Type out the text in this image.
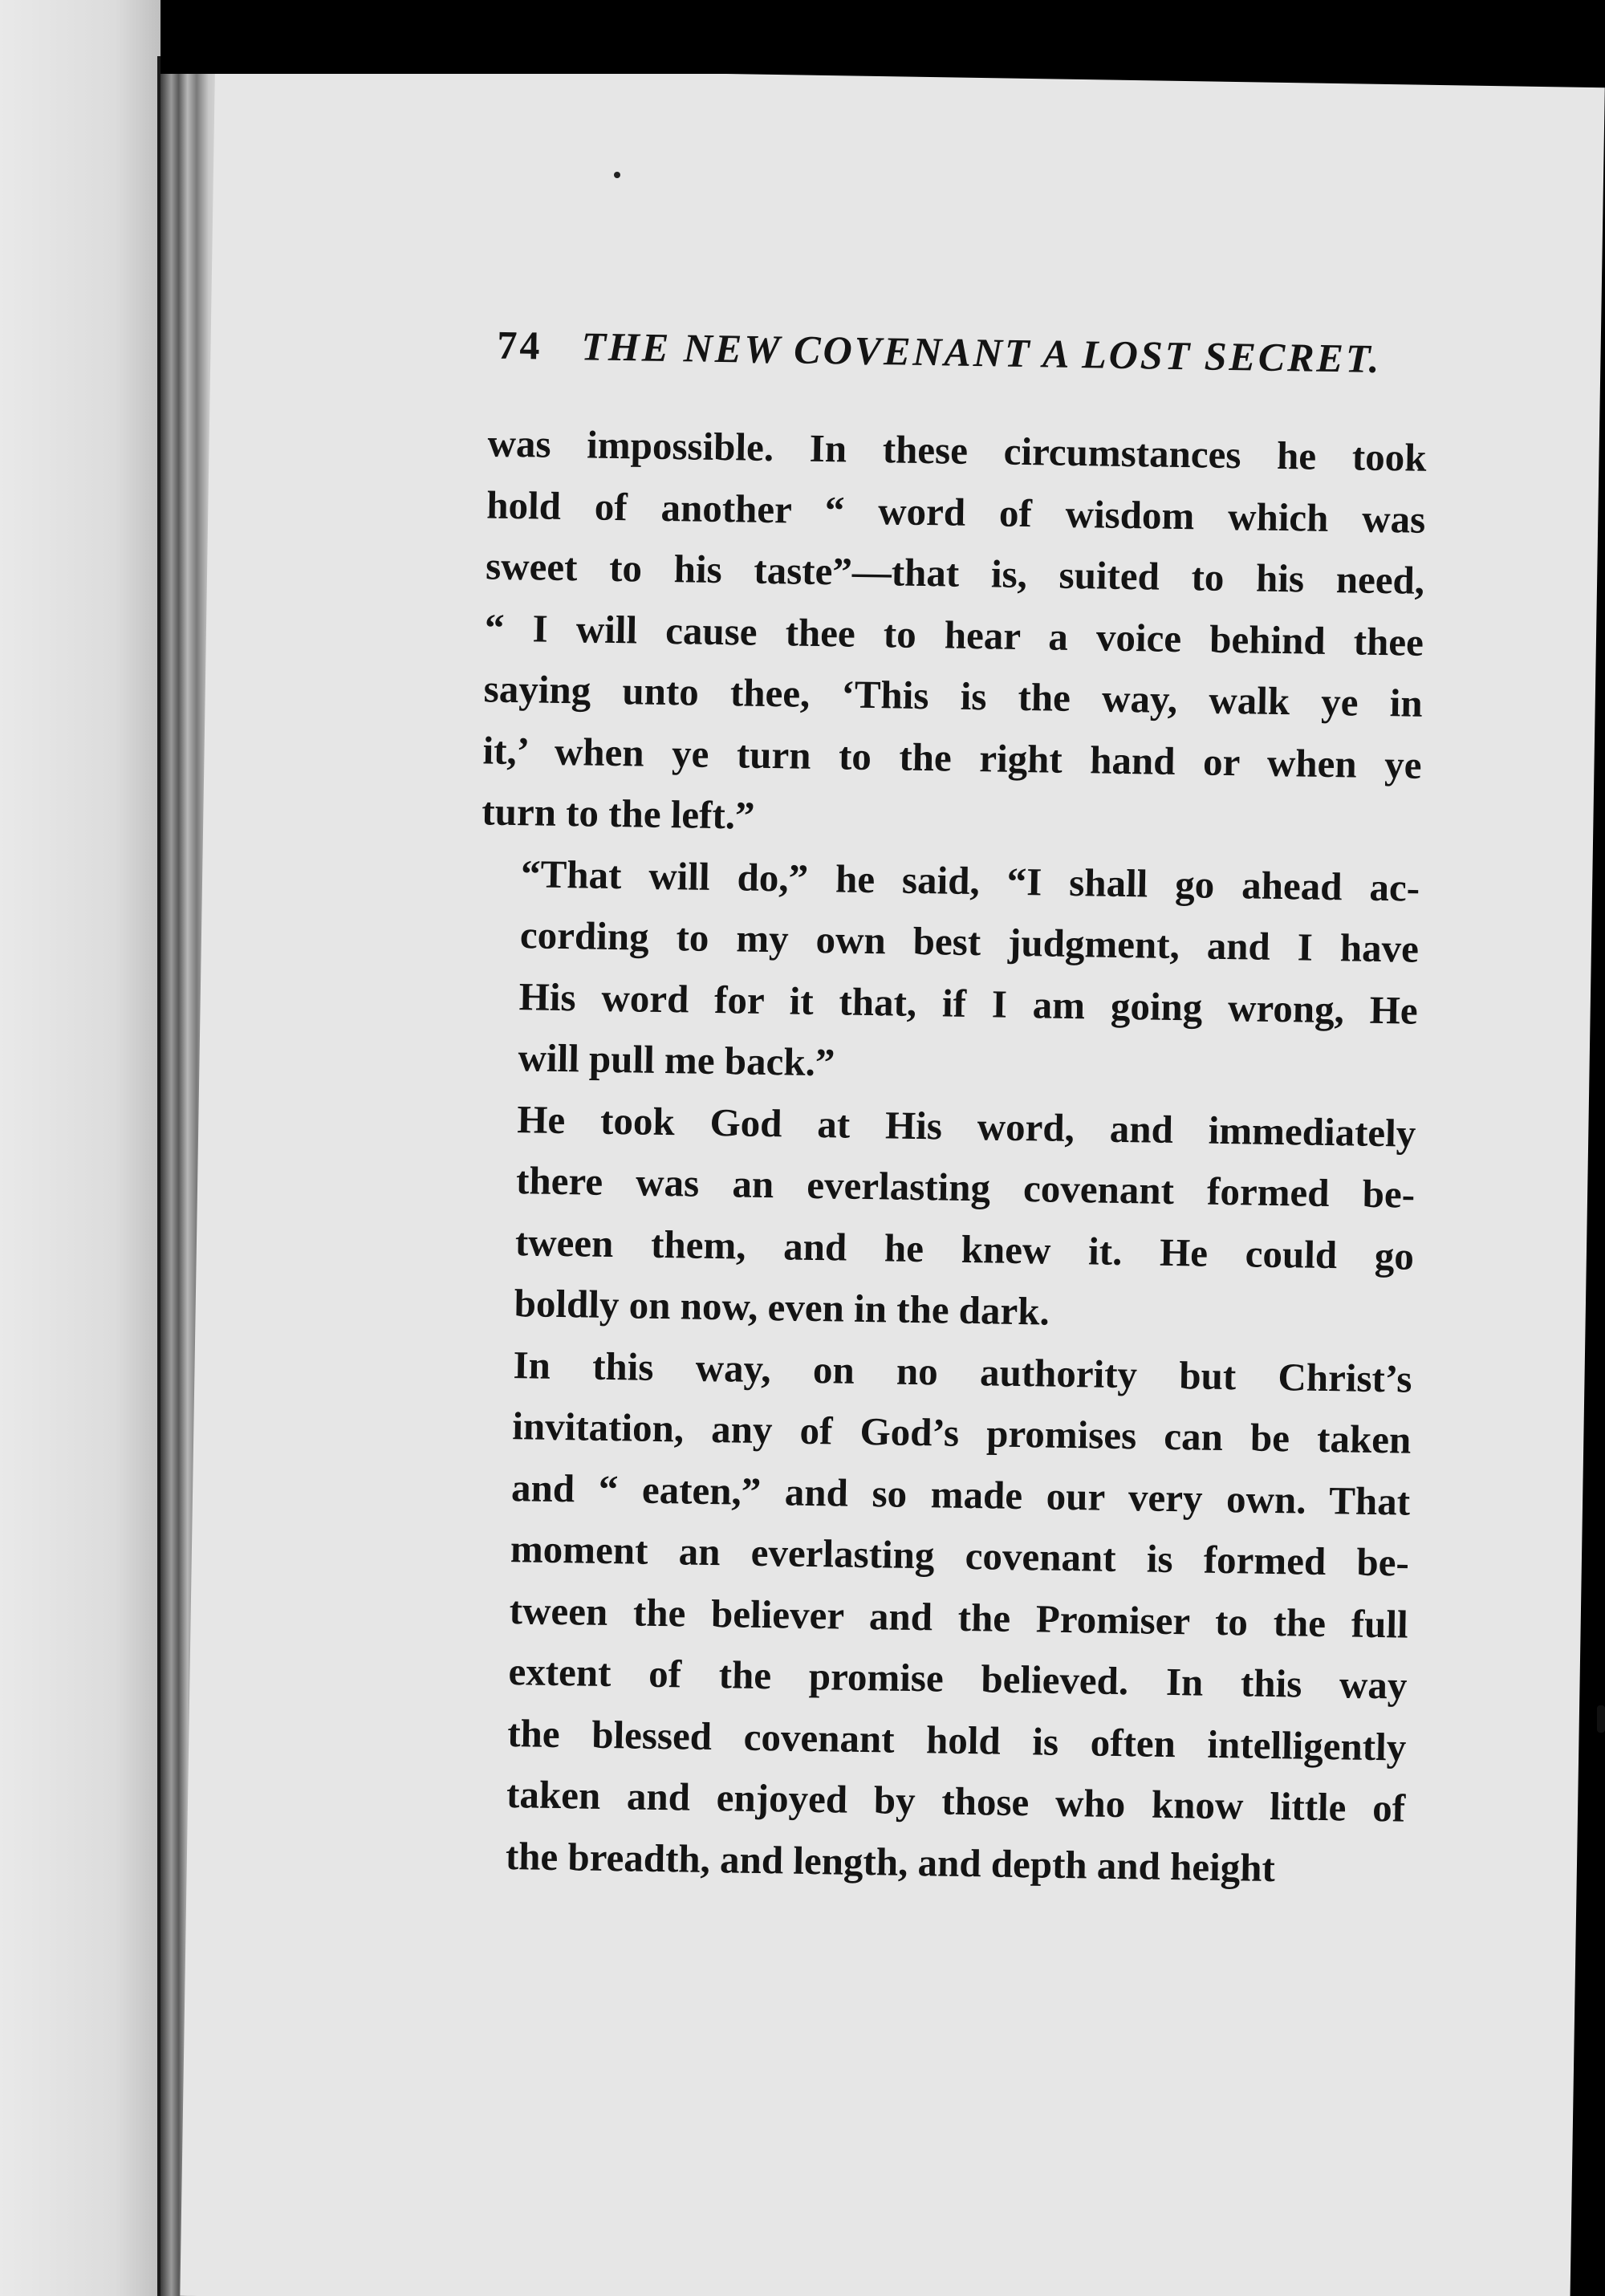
74 THE NEW COVENANT A LOST SECRET.
was impossible. In these circumstances he took
hold of another “ word of wisdom which was
sweet to his taste”—that is, suited to his need,
“ I will cause thee to hear a voice behind thee
saying unto thee, ‘This is the way, walk ye in
it,’ when ye turn to the right hand or when ye
turn to the left.”
“That will do,” he said, “I shall go ahead ac-
cording to my own best judgment, and I have
His word for it that, if I am going wrong, He
will pull me back.”
He took God at His word, and immediately
there was an everlasting covenant formed be-
tween them, and he knew it. He could go
boldly on now, even in the dark.
In this way, on no authority but Christ’s
invitation, any of God’s promises can be taken
and “ eaten,” and so made our very own. That
moment an everlasting covenant is formed be-
tween the believer and the Promiser to the full
extent of the promise believed. In this way
the blessed covenant hold is often intelligently
taken and enjoyed by those who know little of
the breadth, and length, and depth and height
